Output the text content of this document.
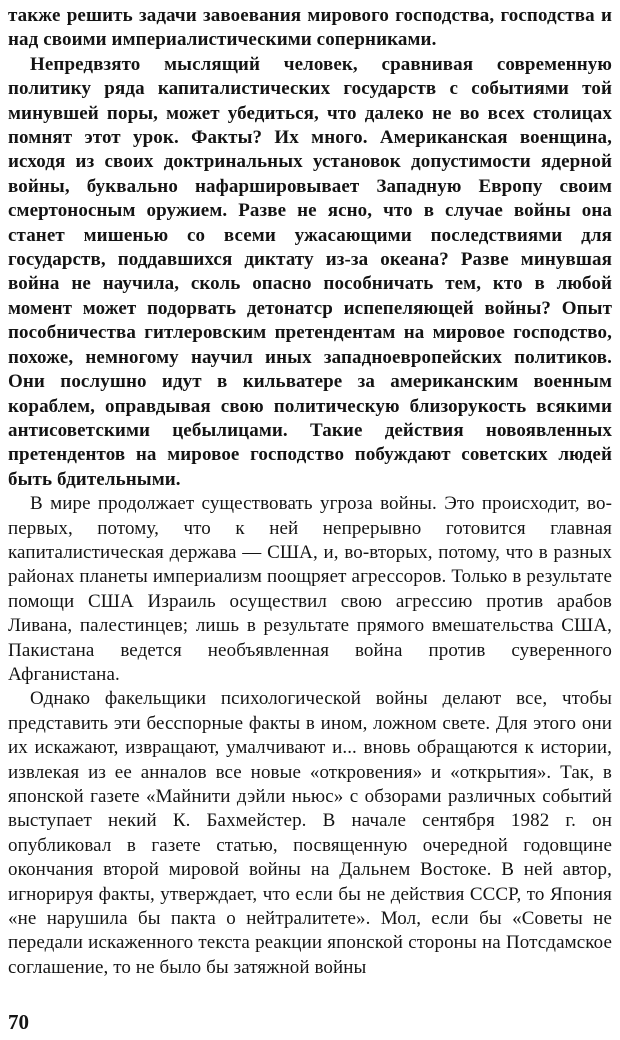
также решить задачи завоевания мирового господства, господства и над своими империалистическими соперниками.

Непредвзято мыслящий человек, сравнивая современную политику ряда капиталистических государств с событиями той минувшей поры, может убедиться, что далеко не во всех столицах помнят этот урок. Факты? Их много. Американская военщина, исходя из своих доктринальных установок допустимости ядерной войны, буквально нафаршировывает Западную Европу своим смертоносным оружием. Разве не ясно, что в случае войны она станет мишенью со всеми ужасающими последствиями для государств, поддавшихся диктату из-за океана? Разве минувшая война не научила, сколь опасно пособничать тем, кто в любой момент может подорвать детонатср испепеляющей войны? Опыт пособничества гитлеровским претендентам на мировое господство, похоже, немногому научил иных западноевропейских политиков. Они послушно идут в кильватере за американским военным кораблем, оправдывая свою политическую близорукость всякими антисоветскими цебылицами. Такие действия новоявленных претендентов на мировое господство побуждают советских людей быть бдительными.

В мире продолжает существовать угроза войны. Это происходит, во-первых, потому, что к ней непрерывно готовится главная капиталистическая держава — США, и, во-вторых, потому, что в разных районах планеты империализм поощряет агрессоров. Только в результате помощи США Израиль осуществил свою агрессию против арабов Ливана, палестинцев; лишь в результате прямого вмешательства США, Пакистана ведется необъявленная война против суверенного Афганистана.

Однако факельщики психологической войны делают все, чтобы представить эти бесспорные факты в ином, ложном свете. Для этого они их искажают, извращают, умалчивают и... вновь обращаются к истории, извлекая из ее анналов все новые «откровения» и «открытия». Так, в японской газете «Майнити дэйли ньюс» с обзорами различных событий выступает некий К. Бахмейстер. В начале сентября 1982 г. он опубликовал в газете статью, посвященную очередной годовщине окончания второй мировой войны на Дальнем Востоке. В ней автор, игнорируя факты, утверждает, что если бы не действия СССР, то Япония «не нарушила бы пакта о нейтралитете». Мол, если бы «Советы не передали искаженного текста реакции японской стороны на Потсдамское соглашение, то не было бы затяжной войны

70
